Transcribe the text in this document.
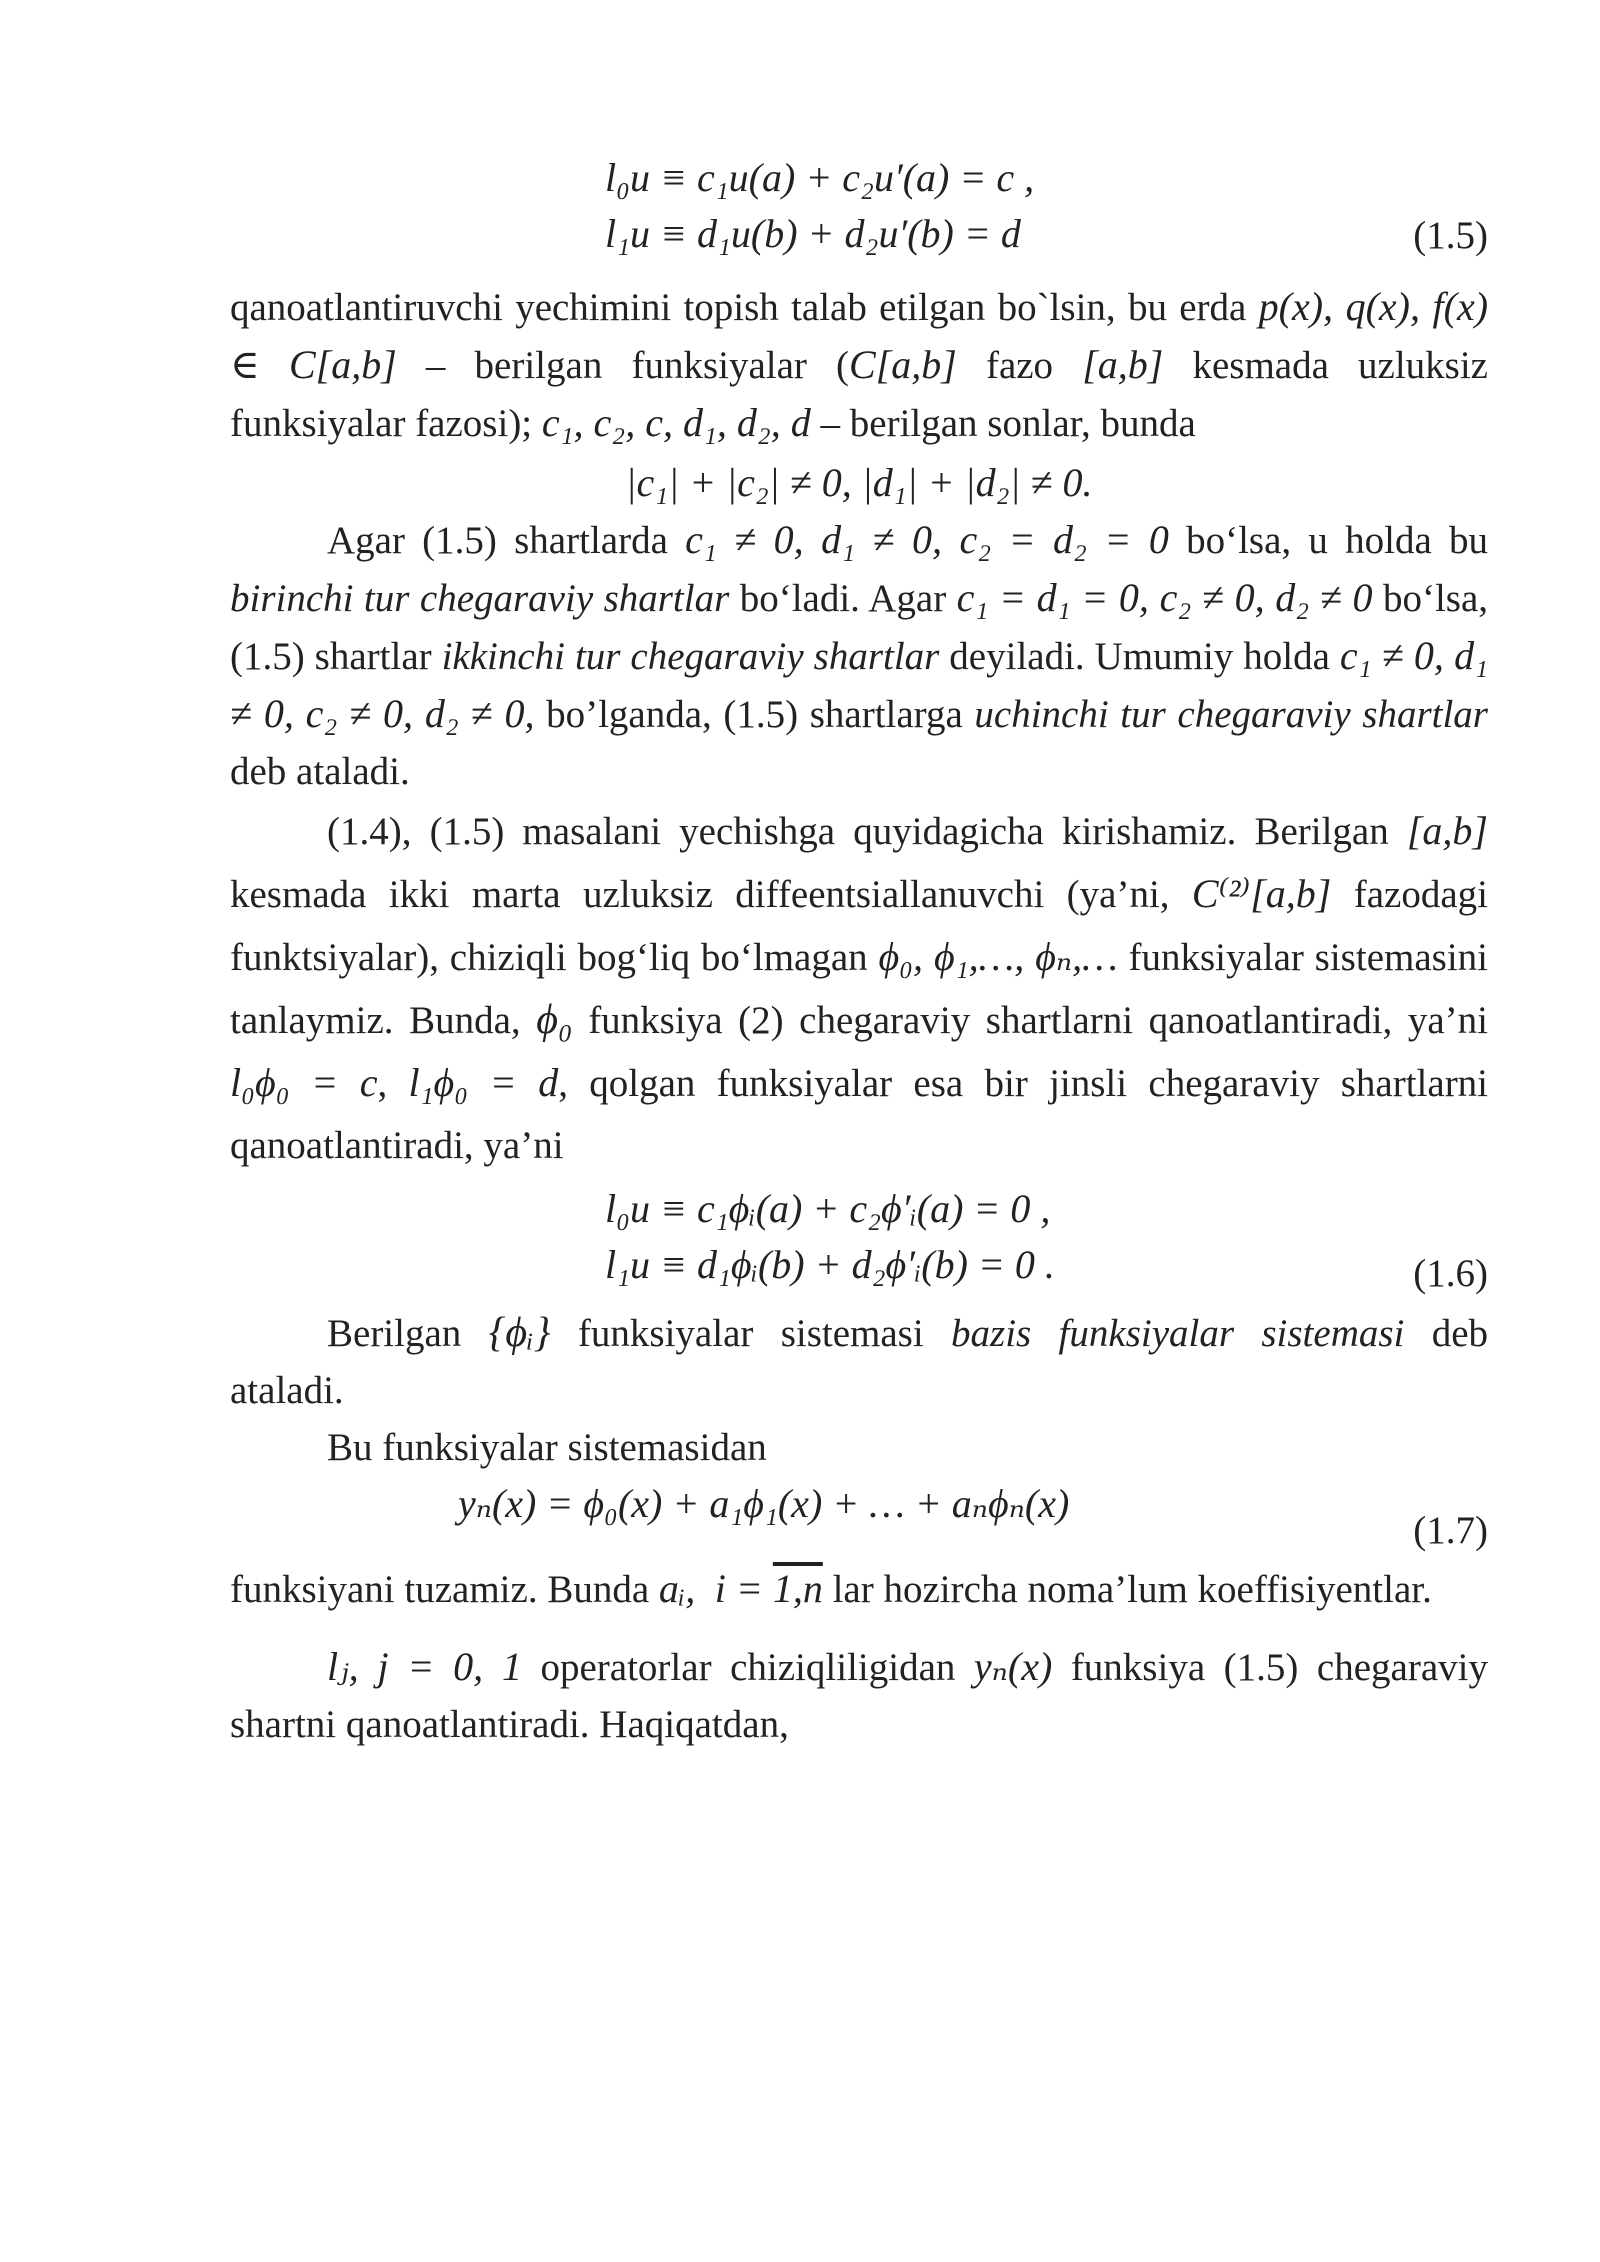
l₀u ≡ c₁u(a) + c₂u′(a) = c ,
l₁u ≡ d₁u(b) + d₂u′(b) = d	(1.5)

qanoatlantiruvchi yechimini topish talab etilgan bo`lsin, bu erda p(x), q(x), f(x) ∈ C[a,b] – berilgan funksiyalar (C[a,b] fazo [a,b] kesmada uzluksiz funksiyalar fazosi); c₁, c₂, c, d₁, d₂, d – berilgan sonlar, bunda

|c₁| + |c₂| ≠ 0, |d₁| + |d₂| ≠ 0.

Agar (1.5) shartlarda c₁ ≠ 0, d₁ ≠ 0, c₂ = d₂ = 0 bo‘lsa, u holda bu birinchi tur chegaraviy shartlar bo‘ladi. Agar c₁ = d₁ = 0, c₂ ≠ 0, d₂ ≠ 0 bo‘lsa, (1.5) shartlar ikkinchi tur chegaraviy shartlar deyiladi. Umumiy holda c₁ ≠ 0, d₁ ≠ 0, c₂ ≠ 0, d₂ ≠ 0, bo’lganda, (1.5) shartlarga uchinchi tur chegaraviy shartlar deb ataladi.

(1.4), (1.5) masalani yechishga quyidagicha kirishamiz. Berilgan [a,b] kesmada ikki marta uzluksiz diffeentsiallanuvchi (ya’ni, C⁽²⁾[a,b] fazodagi funktsiyalar), chiziqli bog‘liq bo‘lmagan ϕ₀, ϕ₁,…, ϕₙ,… funksiyalar sistemasini tanlaymiz. Bunda, ϕ₀ funksiya (2) chegaraviy shartlarni qanoatlantiradi, ya’ni l₀ϕ₀ = c, l₁ϕ₀ = d, qolgan funksiyalar esa bir jinsli chegaraviy shartlarni qanoatlantiradi, ya’ni

l₀u ≡ c₁ϕᵢ(a) + c₂ϕ′ᵢ(a) = 0 ,
l₁u ≡ d₁ϕᵢ(b) + d₂ϕ′ᵢ(b) = 0 .	(1.6)

Berilgan {ϕᵢ} funksiyalar sistemasi bazis funksiyalar sistemasi deb ataladi.

Bu funksiyalar sistemasidan

yₙ(x) = ϕ₀(x) + a₁ϕ₁(x) + … + aₙϕₙ(x)
(1.7)

funksiyani tuzamiz. Bunda aᵢ, i = 1,n lar hozircha noma’lum koeffisiyentlar.

lⱼ, j = 0, 1 operatorlar chiziqliligidan yₙ(x) funksiya (1.5) chegaraviy shartni qanoatlantiradi. Haqiqatdan,
